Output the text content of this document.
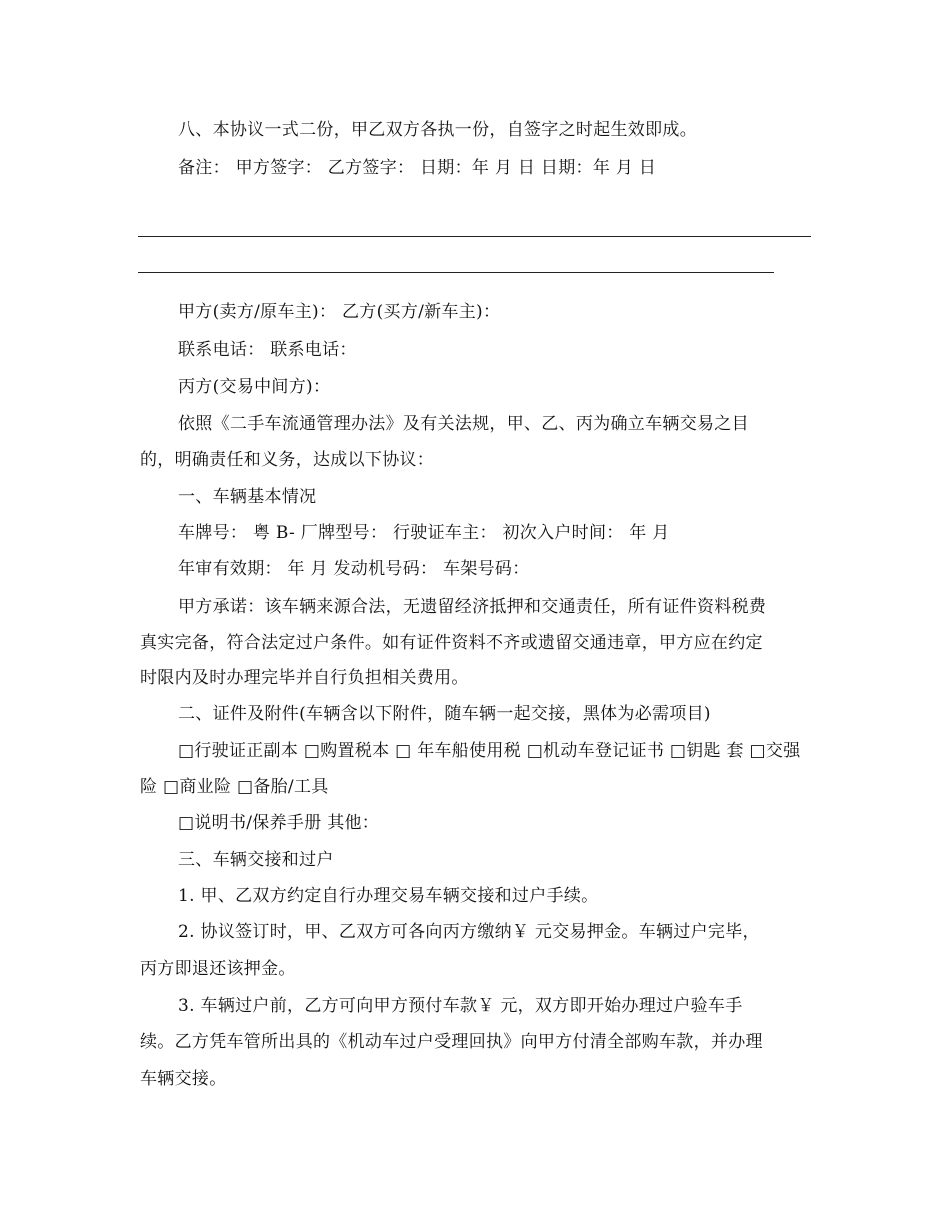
八、本协议一式二份，甲乙双方各执一份，自签字之时起生效即成。
备注： 甲方签字： 乙方签字： 日期：年 月 日 日期：年 月 日
甲方(卖方/原车主)： 乙方(买方/新车主)：
联系电话： 联系电话：
丙方(交易中间方)：
依照《二手车流通管理办法》及有关法规，甲、乙、丙为确立车辆交易之目
的，明确责任和义务，达成以下协议：
一、车辆基本情况
车牌号： 粤 B- 厂牌型号： 行驶证车主： 初次入户时间： 年 月
年审有效期： 年 月 发动机号码： 车架号码：
甲方承诺：该车辆来源合法，无遗留经济抵押和交通责任，所有证件资料税费
真实完备，符合法定过户条件。如有证件资料不齐或遗留交通违章，甲方应在约定
时限内及时办理完毕并自行负担相关费用。
二、证件及附件(车辆含以下附件，随车辆一起交接，黑体为必需项目)
□行驶证正副本 □购置税本 □ 年车船使用税 □机动车登记证书 □钥匙 套 □交强
险 □商业险 □备胎/工具
□说明书/保养手册 其他：
三、车辆交接和过户
1. 甲、乙双方约定自行办理交易车辆交接和过户手续。
2. 协议签订时，甲、乙双方可各向丙方缴纳￥ 元交易押金。车辆过户完毕，
丙方即退还该押金。
3. 车辆过户前，乙方可向甲方预付车款￥ 元，双方即开始办理过户验车手
续。乙方凭车管所出具的《机动车过户受理回执》向甲方付清全部购车款，并办理
车辆交接。
